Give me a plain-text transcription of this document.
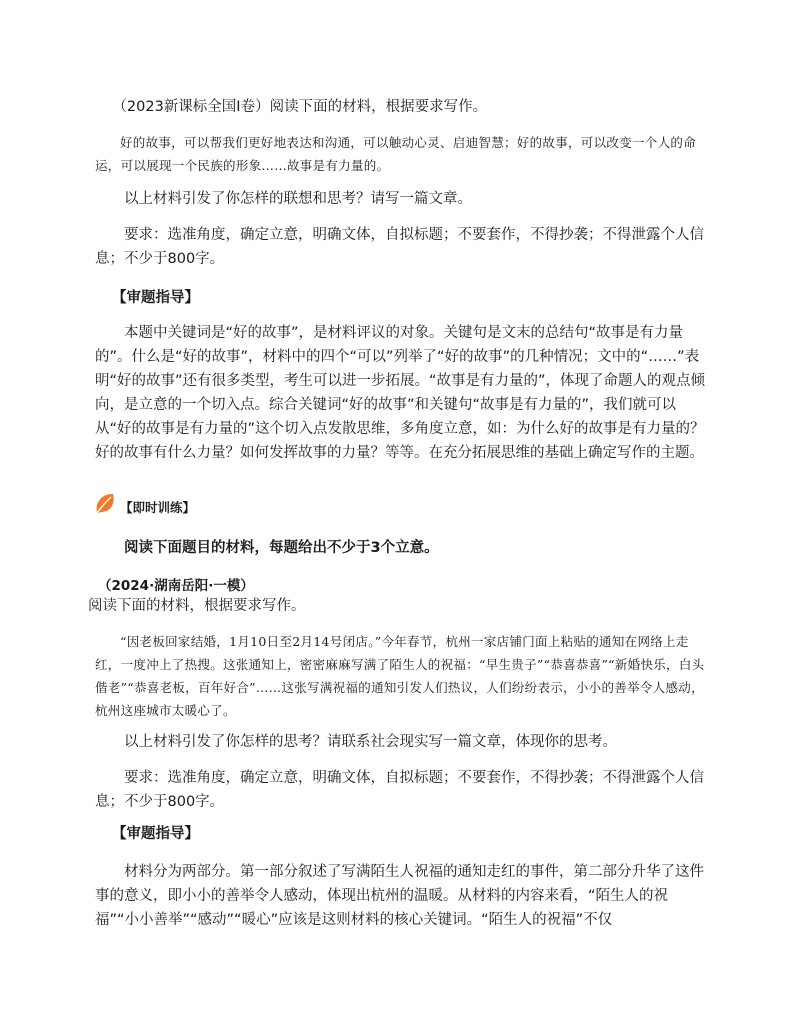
（2023新课标全国Ⅰ卷）阅读下面的材料，根据要求写作。

好的故事，可以帮我们更好地表达和沟通，可以触动心灵、启迪智慧；好的故事，可以改变一个人的命运，可以展现一个民族的形象……故事是有力量的。

以上材料引发了你怎样的联想和思考？请写一篇文章。

要求：选准角度，确定立意，明确文体，自拟标题；不要套作，不得抄袭；不得泄露个人信息；不少于800字。

【审题指导】

本题中关键词是“好的故事”，是材料评议的对象。关键句是文末的总结句“故事是有力量的”。什么是“好的故事”，材料中的四个“可以”列举了“好的故事”的几种情况；文中的“……”表明“好的故事”还有很多类型，考生可以进一步拓展。“故事是有力量的”，体现了命题人的观点倾向，是立意的一个切入点。综合关键词“好的故事”和关键句“故事是有力量的”，我们就可以从“好的故事是有力量的”这个切入点发散思维，多角度立意，如：为什么好的故事是有力量的？好的故事有什么力量？如何发挥故事的力量？等等。在充分拓展思维的基础上确定写作的主题。

【即时训练】

阅读下面题目的材料，每题给出不少于3个立意。

（2024·湖南岳阳·一模）

阅读下面的材料，根据要求写作。

“因老板回家结婚，1月10日至2月14号闭店。”今年春节，杭州一家店铺门面上粘贴的通知在网络上走红，一度冲上了热搜。这张通知上，密密麻麻写满了陌生人的祝福：“早生贵子”“恭喜恭喜”“新婚快乐，白头偕老”“恭喜老板，百年好合”……这张写满祝福的通知引发人们热议，人们纷纷表示，小小的善举令人感动，杭州这座城市太暖心了。

以上材料引发了你怎样的思考？请联系社会现实写一篇文章，体现你的思考。

要求：选准角度，确定立意，明确文体，自拟标题；不要套作，不得抄袭；不得泄露个人信息；不少于800字。

【审题指导】

材料分为两部分。第一部分叙述了写满陌生人祝福的通知走红的事件，第二部分升华了这件事的意义，即小小的善举令人感动，体现出杭州的温暖。从材料的内容来看，“陌生人的祝福”“小小善举”“感动”“暖心”应该是这则材料的核心关键词。“陌生人的祝福”不仅
